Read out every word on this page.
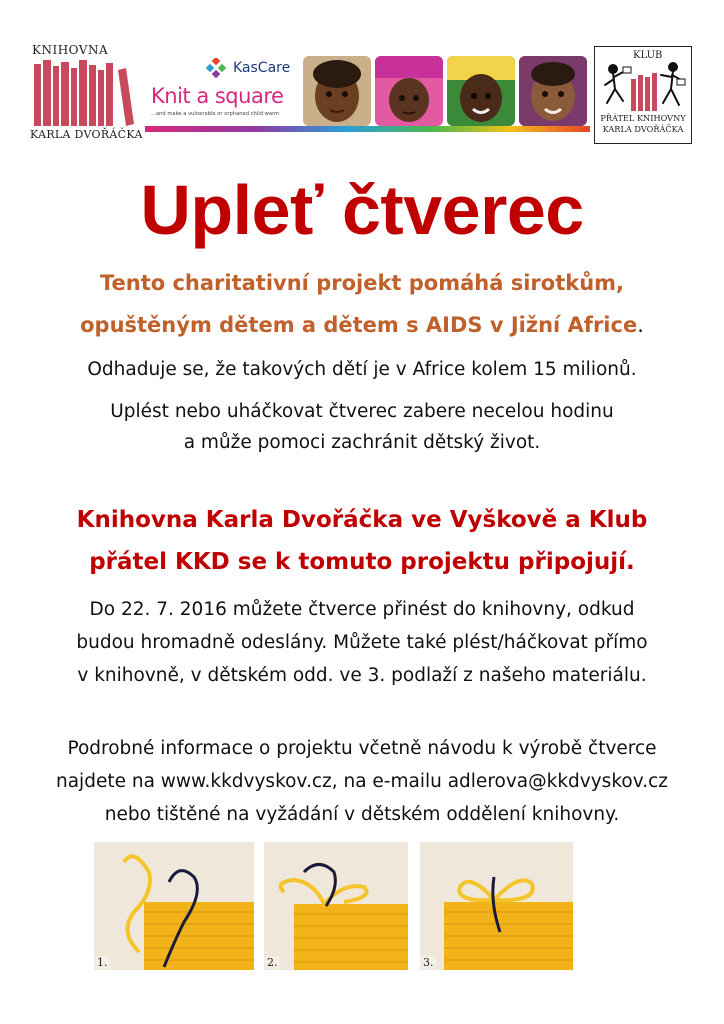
KNIHOVNA
KARLA DVOŘÁČKA
KasCare
Knit a square
...and make a vulnerable or orphaned child warm
KLUB
PŘÁTEL KNIHOVNY
KARLA DVOŘÁČKA
Upleť čtverec
Tento charitativní projekt pomáhá sirotkům,
opuštěným dětem a dětem s AIDS v Jižní Africe.
Odhaduje se, že takových dětí je v Africe kolem 15 milionů.
Uplést nebo uháčkovat čtverec zabere necelou hodinu
a může pomoci zachránit dětský život.
Knihovna Karla Dvořáčka ve Vyškově a Klub
přátel KKD se k tomuto projektu připojují.
Do 22. 7. 2016 můžete čtverce přinést do knihovny, odkud
budou hromadně odeslány. Můžete také plést/háčkovat přímo
v knihovně, v dětském odd. ve 3. podlaží z našeho materiálu.
Podrobné informace o projektu včetně návodu k výrobě čtverce
najdete na www.kkdvyskov.cz, na e-mailu adlerova@kkdvyskov.cz
nebo tištěné na vyžádání v dětském oddělení knihovny.
1.	2.	3.
